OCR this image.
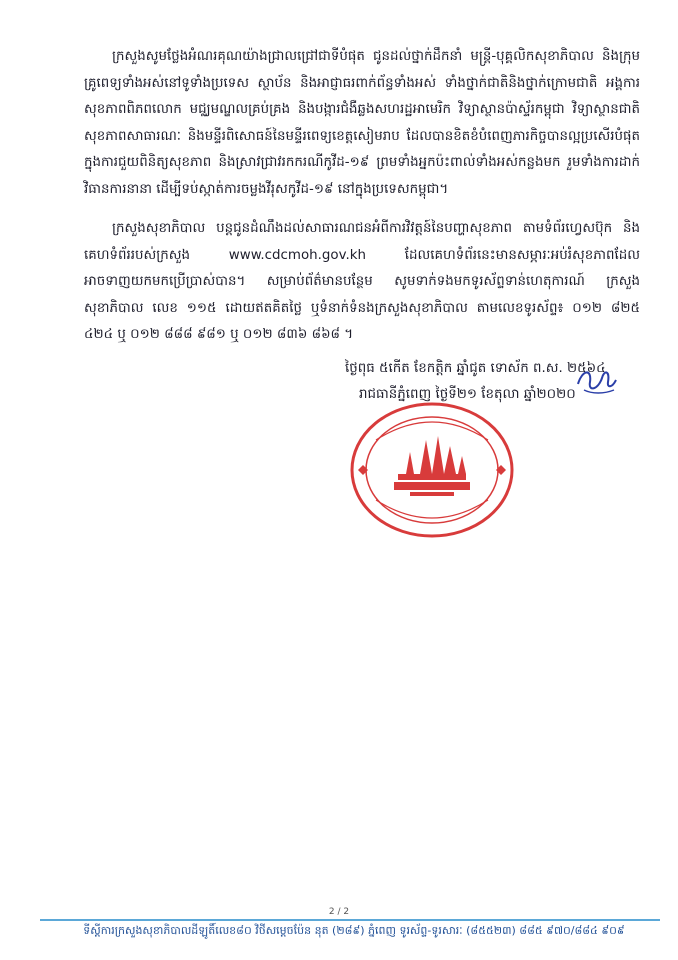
ក្រសួងសូមថ្លែងអំណរគុណយ៉ាងជ្រាលជ្រៅជាទីបំផុត ជូនដល់ថ្នាក់ដឹកនាំ មន្ត្រី-បុគ្គលិកសុខាភិបាល និងក្រុមគ្រូពេទ្យទាំងអស់នៅទូទាំងប្រទេស ស្ថាប័ន និងអាជ្ញាធរពាក់ព័ន្ធទាំងអស់ ទាំងថ្នាក់ជាតិនិងថ្នាក់ក្រោមជាតិ អង្គការសុខភាពពិភពលោក មជ្ឈមណ្ឌលគ្រប់គ្រង និងបង្ការជំងឺឆ្លងសហរដ្ឋអាមេរិក វិទ្យាស្ថានប៉ាស្ទ័រកម្ពុជា វិទ្យាស្ថានជាតិសុខភាពសាធារណៈ និងមន្ទីរពិសោធន៍នៃមន្ទីរពេទ្យខេត្តសៀមរាប ដែលបានខិតខំបំពេញភារកិច្ចបានល្អប្រសើរបំផុត ក្នុងការជួយពិនិត្យសុខភាព និងស្រាវជ្រាវរកករណីកូវីដ-១៩ ព្រមទាំងអ្នកប៉ះពាល់ទាំងអស់កន្លងមក រួមទាំងការដាក់វិធានការនានា ដើម្បីទប់ស្កាត់ការចម្លងវីរុសកូវីដ-១៩ នៅក្នុងប្រទេសកម្ពុជា។

ក្រសួងសុខាភិបាល បន្តជូនដំណឹងដល់សាធារណជនអំពីការវិវត្តន៍នៃបញ្ហាសុខភាព តាមទំព័រហ្វេសប៊ុក និងគេហទំព័ររបស់ក្រសួង www.cdcmoh.gov.kh ដែលគេហទំព័រនេះមានសម្ភារៈអប់រំសុខភាពដែលអាចទាញយកមកប្រើប្រាស់បាន។ សម្រាប់ព័ត៌មានបន្ថែម សូមទាក់ទងមកទូរស័ព្ទទាន់ហេតុការណ៍ ក្រសួងសុខាភិបាល លេខ ១១៥ ដោយឥតគិតថ្លៃ ឬទំនាក់ទំនងក្រសួងសុខាភិបាល តាមលេខទូរស័ព្ទ៖ ០១២ ៨២៥ ៤២៤ ឬ ០១២ ៨៨៨ ៩៨១ ឬ ០១២ ៨៣៦ ៨៦៨ ។

ថ្ងៃពុធ ៥កើត ខែកត្តិក ឆ្នាំជូត ទោស័ក ព.ស. ២៥៦៤
រាជធានីភ្នំពេញ ថ្ងៃទី២១ ខែតុលា ឆ្នាំ២០២០
2 / 2
ទីស្តីការក្រសួងសុខាភិបាលដីឡូតិ៍លេខ៨០ វិថីសម្តេចប៉ែន នុត (២៨៩) ភ្នំពេញ ទូរស័ព្ទ-ទូរសារៈ (៨៥៥២៣) ៨៨៥ ៩៧០/៨៨៤ ៩០៩
